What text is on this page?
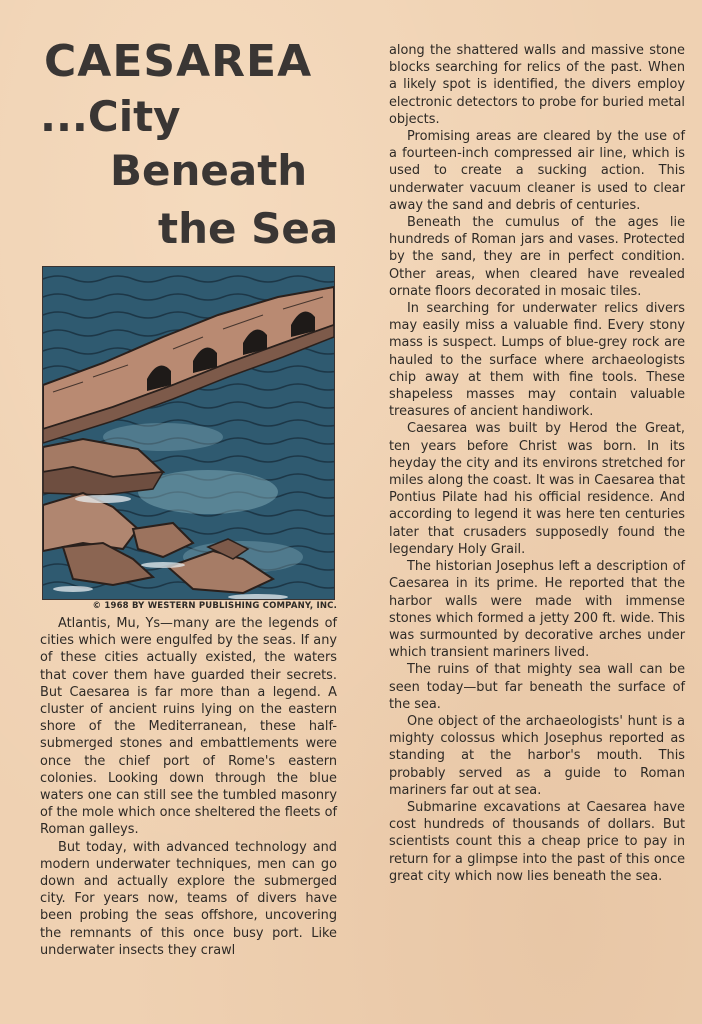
CAESAREA
...City
Beneath
the Sea
© 1968 BY WESTERN PUBLISHING COMPANY, INC.

Atlantis, Mu, Ys—many are the legends of cities which were engulfed by the seas. If any of these cities actually existed, the waters that cover them have guarded their secrets. But Caesarea is far more than a legend. A cluster of ancient ruins lying on the eastern shore of the Mediterranean, these half-submerged stones and embattlements were once the chief port of Rome's eastern colonies. Looking down through the blue waters one can still see the tumbled masonry of the mole which once sheltered the fleets of Roman galleys.

But today, with advanced technology and modern underwater techniques, men can go down and actually explore the submerged city. For years now, teams of divers have been probing the seas offshore, uncovering the remnants of this once busy port. Like underwater insects they crawl

along the shattered walls and massive stone blocks searching for relics of the past. When a likely spot is identified, the divers employ electronic detectors to probe for buried metal objects.

Promising areas are cleared by the use of a fourteen-inch compressed air line, which is used to create a sucking action. This underwater vacuum cleaner is used to clear away the sand and debris of centuries.

Beneath the cumulus of the ages lie hundreds of Roman jars and vases. Protected by the sand, they are in perfect condition. Other areas, when cleared have revealed ornate floors decorated in mosaic tiles.

In searching for underwater relics divers may easily miss a valuable find. Every stony mass is suspect. Lumps of blue-grey rock are hauled to the surface where archaeologists chip away at them with fine tools. These shapeless masses may contain valuable treasures of ancient handiwork.

Caesarea was built by Herod the Great, ten years before Christ was born. In its heyday the city and its environs stretched for miles along the coast. It was in Caesarea that Pontius Pilate had his official residence. And according to legend it was here ten centuries later that crusaders supposedly found the legendary Holy Grail.

The historian Josephus left a description of Caesarea in its prime. He reported that the harbor walls were made with immense stones which formed a jetty 200 ft. wide. This was surmounted by decorative arches under which transient mariners lived.

The ruins of that mighty sea wall can be seen today—but far beneath the surface of the sea.

One object of the archaeologists' hunt is a mighty colossus which Josephus reported as standing at the harbor's mouth. This probably served as a guide to Roman mariners far out at sea.

Submarine excavations at Caesarea have cost hundreds of thousands of dollars. But scientists count this a cheap price to pay in return for a glimpse into the past of this once great city which now lies beneath the sea.
